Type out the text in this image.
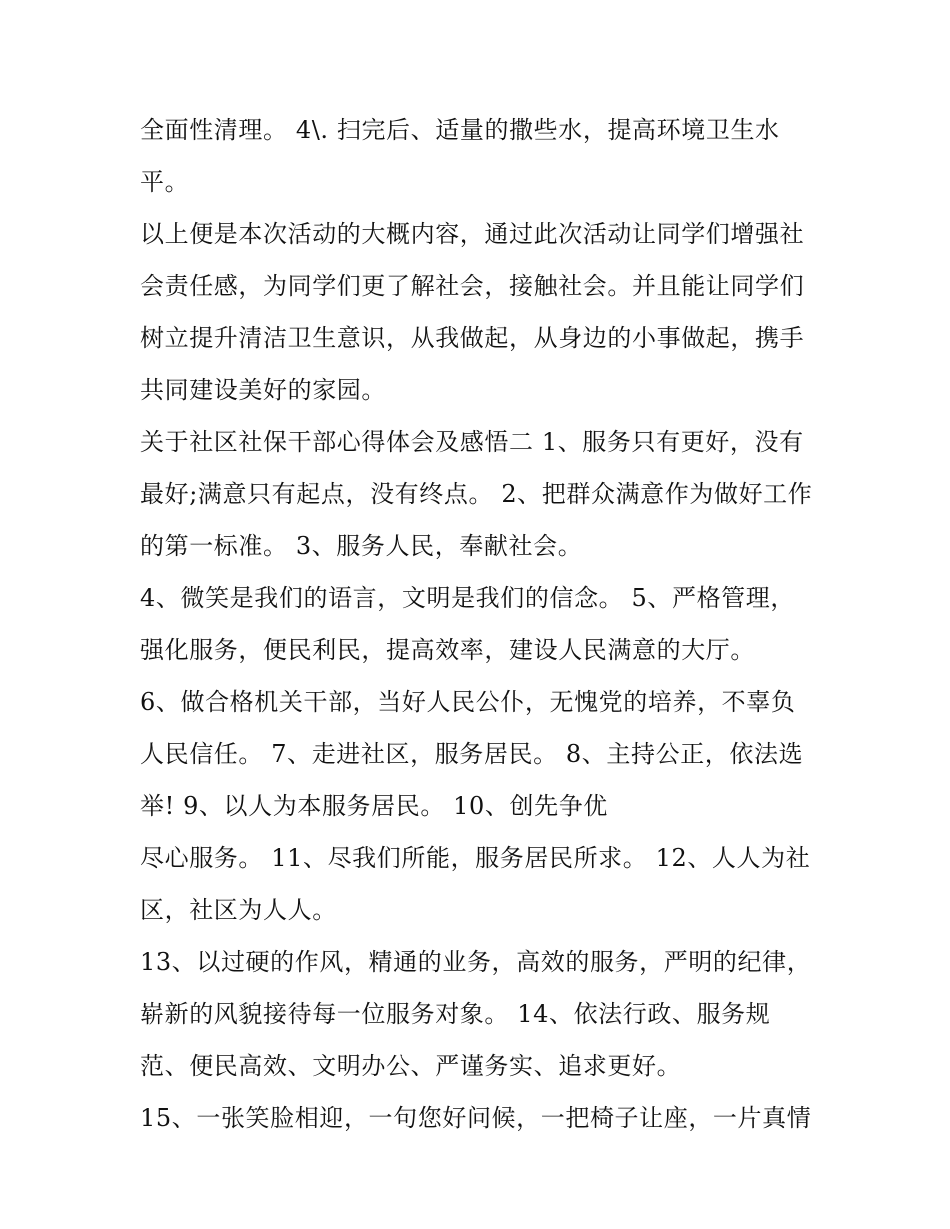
全面性清理。 4\. 扫完后、适量的撒些水，提高环境卫生水
平。
以上便是本次活动的大概内容，通过此次活动让同学们增强社
会责任感，为同学们更了解社会，接触社会。并且能让同学们
树立提升清洁卫生意识，从我做起，从身边的小事做起，携手
共同建设美好的家园。
关于社区社保干部心得体会及感悟二 1、服务只有更好，没有
最好;满意只有起点，没有终点。 2、把群众满意作为做好工作
的第一标准。 3、服务人民，奉献社会。
4、微笑是我们的语言，文明是我们的信念。 5、严格管理，
强化服务，便民利民，提高效率，建设人民满意的大厅。
6、做合格机关干部，当好人民公仆，无愧党的培养，不辜负
人民信任。 7、走进社区，服务居民。 8、主持公正，依法选
举! 9、以人为本服务居民。 10、创先争优
尽心服务。 11、尽我们所能，服务居民所求。 12、人人为社
区，社区为人人。
13、以过硬的作风，精通的业务，高效的服务，严明的纪律，
崭新的风貌接待每一位服务对象。 14、依法行政、服务规
范、便民高效、文明办公、严谨务实、追求更好。
15、一张笑脸相迎，一句您好问候，一把椅子让座，一片真情
